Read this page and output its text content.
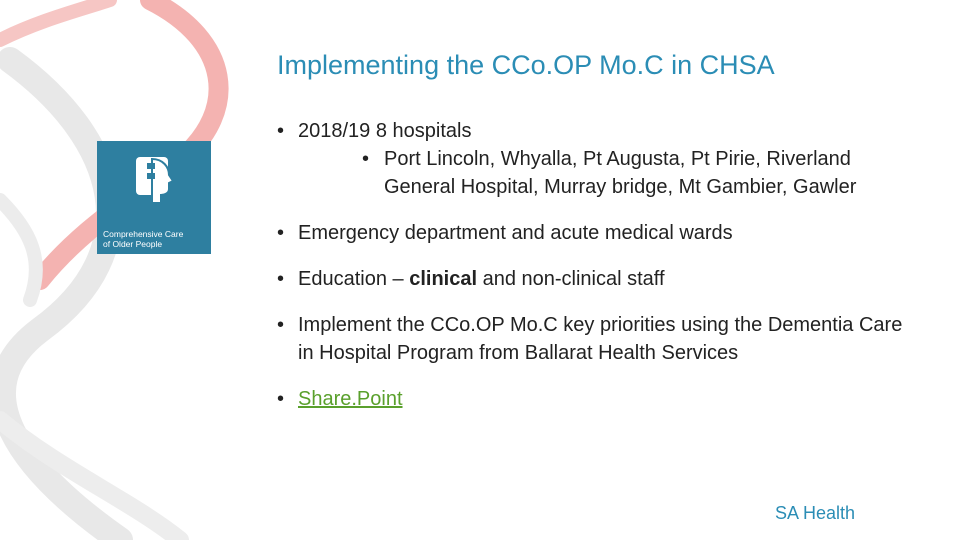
Implementing the CCo.OP Mo.C in CHSA
Comprehensive Care
of Older People
• 2018/19 8 hospitals
• Port Lincoln, Whyalla, Pt Augusta, Pt Pirie, Riverland General Hospital, Murray bridge, Mt Gambier, Gawler
• Emergency department and acute medical wards
• Education – clinical and non-clinical staff
• Implement the CCo.OP Mo.C key priorities using the Dementia Care in Hospital Program from Ballarat Health Services
• Share.Point
SA Health
